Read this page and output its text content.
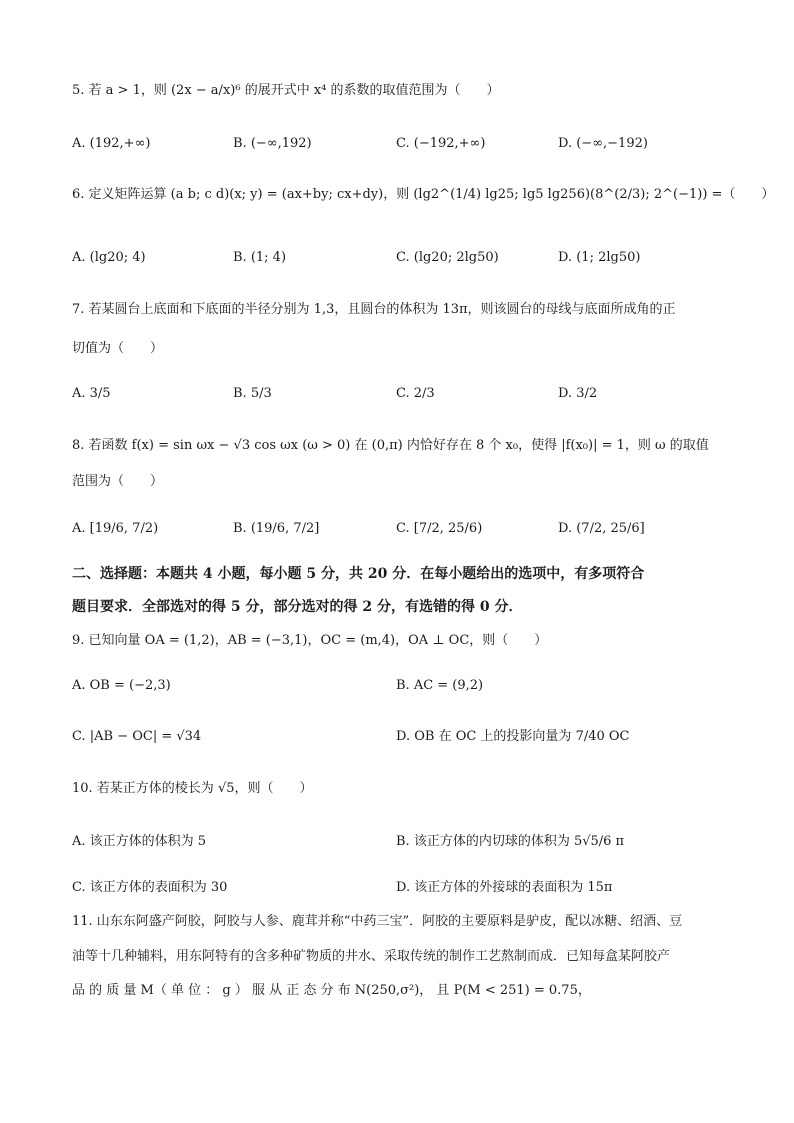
5. 若 a > 1，则 (2x − a/x)⁶ 的展开式中 x⁴ 的系数的取值范围为（　　）
A. (192,+∞)	B. (−∞,192)	C. (−192,+∞)	D. (−∞,−192)
6. 定义矩阵运算 (a b; c d)(x; y) = (ax+by; cx+dy)，则 (lg2^(1/4) lg25; lg5 lg256)(8^(2/3); 2^(−1)) =（　　）
A. (lg20; 4)	B. (1; 4)	C. (lg20; 2lg50)	D. (1; 2lg50)
7. 若某圆台上底面和下底面的半径分别为 1,3，且圆台的体积为 13π，则该圆台的母线与底面所成角的正
切值为（　　）
A. 3/5	B. 5/3	C. 2/3	D. 3/2
8. 若函数 f(x) = sin ωx − √3 cos ωx (ω > 0) 在 (0,π) 内恰好存在 8 个 x₀，使得 |f(x₀)| = 1，则 ω 的取值
范围为（　　）
A. [19/6, 7/2)	B. (19/6, 7/2]	C. [7/2, 25/6)	D. (7/2, 25/6]
二、选择题：本题共 4 小题，每小题 5 分，共 20 分．在每小题给出的选项中，有多项符合
题目要求．全部选对的得 5 分，部分选对的得 2 分，有选错的得 0 分．
9. 已知向量 OA = (1,2)，AB = (−3,1)，OC = (m,4)，OA ⊥ OC，则（　　）
A. OB = (−2,3)	B. AC = (9,2)
C. |AB − OC| = √34	D. OB 在 OC 上的投影向量为 7/40 OC
10. 若某正方体的棱长为 √5，则（　　）
A. 该正方体的体积为 5	B. 该正方体的内切球的体积为 5√5/6 π
C. 该正方体的表面积为 30	D. 该正方体的外接球的表面积为 15π
11. 山东东阿盛产阿胶，阿胶与人参、鹿茸并称“中药三宝”．阿胶的主要原料是驴皮，配以冰糖、绍酒、豆
油等十几种辅料，用东阿特有的含多种矿物质的井水、采取传统的制作工艺熬制而成．已知每盒某阿胶产
品 的 质 量 M（ 单 位 ： g ） 服 从 正 态 分 布 N(250,σ²)， 且 P(M < 251) = 0.75，
